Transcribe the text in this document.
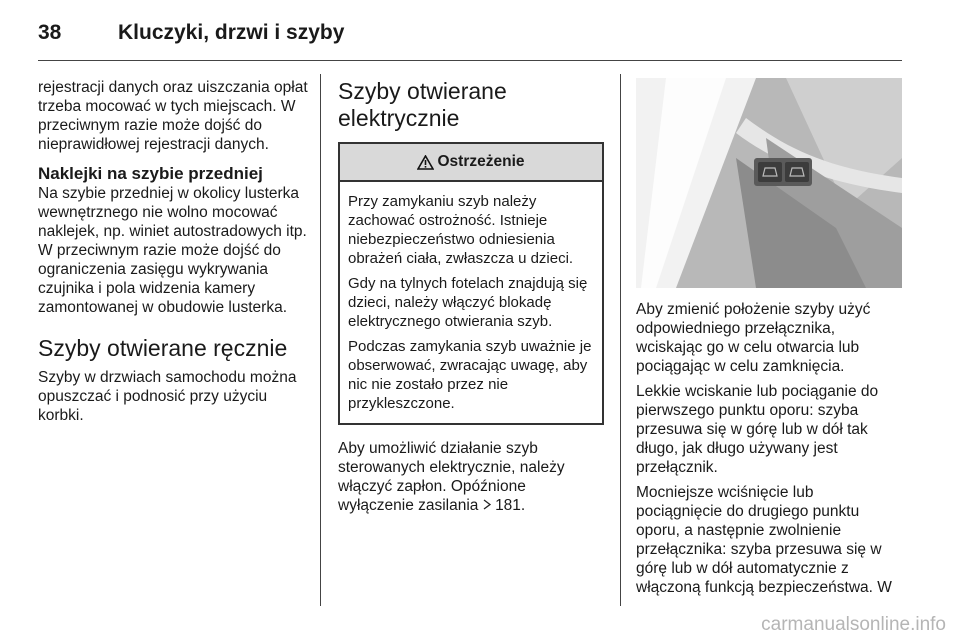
38	Kluczyki, drzwi i szyby

rejestracji danych oraz uiszczania opłat trzeba mocować w tych miejscach. W przeciwnym razie może dojść do nieprawidłowej rejestracji danych.

Naklejki na szybie przedniej

Na szybie przedniej w okolicy lusterka wewnętrznego nie wolno mocować naklejek, np. winiet autostradowych itp. W przeciwnym razie może dojść do ograniczenia zasięgu wykrywania czujnika i pola widzenia kamery zamontowanej w obudowie lusterka.

Szyby otwierane ręcznie

Szyby w drzwiach samochodu można opuszczać i podnosić przy użyciu korbki.

Szyby otwierane elektrycznie
Ostrzeżenie

Przy zamykaniu szyb należy zachować ostrożność. Istnieje niebezpieczeństwo odniesienia obrażeń ciała, zwłaszcza u dzieci.

Gdy na tylnych fotelach znajdują się dzieci, należy włączyć blokadę elektrycznego otwierania szyb.

Podczas zamykania szyb uważnie je obserwować, zwracając uwagę, aby nic nie zostało przez nie przykleszczone.

Aby umożliwić działanie szyb sterowanych elektrycznie, należy włączyć zapłon. Opóźnione wyłączenie zasilania 181.

Aby zmienić położenie szyby użyć odpowiedniego przełącznika, wciskając go w celu otwarcia lub pociągając w celu zamknięcia.

Lekkie wciskanie lub pociąganie do pierwszego punktu oporu: szyba przesuwa się w górę lub w dół tak długo, jak długo używany jest przełącznik.

Mocniejsze wciśnięcie lub pociągnięcie do drugiego punktu oporu, a następnie zwolnienie przełącznika: szyba przesuwa się w górę lub w dół automatycznie z włączoną funkcją bezpieczeństwa. W

carmanualsonline.info
